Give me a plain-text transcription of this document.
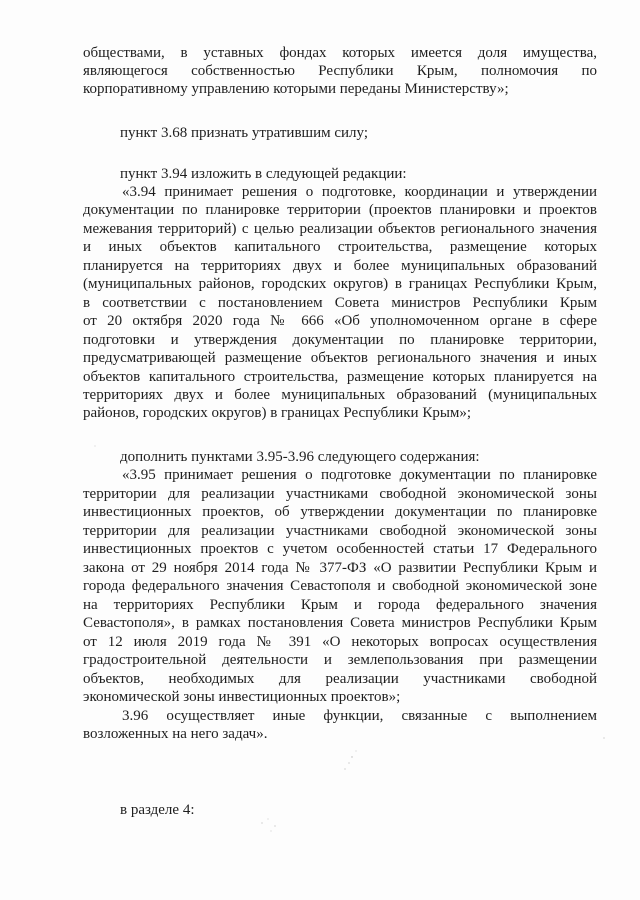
обществами, в уставных фондах которых имеется доля имущества,
являющегося собственностью Республики Крым, полномочия по
корпоративному управлению которыми переданы Министерству»;
пункт 3.68 признать утратившим силу;
пункт 3.94 изложить в следующей редакции:
«3.94 принимает решения о подготовке, координации и утверждении
документации по планировке территории (проектов планировки и проектов
межевания территорий) с целью реализации объектов регионального значения
и иных объектов капитального строительства, размещение которых
планируется на территориях двух и более муниципальных образований
(муниципальных районов, городских округов) в границах Республики Крым,
в соответствии с постановлением Совета министров Республики Крым
от 20 октября 2020 года № 666 «Об уполномоченном органе в сфере
подготовки и утверждения документации по планировке территории,
предусматривающей размещение объектов регионального значения и иных
объектов капитального строительства, размещение которых планируется на
территориях двух и более муниципальных образований (муниципальных
районов, городских округов) в границах Республики Крым»;
дополнить пунктами 3.95-3.96 следующего содержания:
«3.95 принимает решения о подготовке документации по планировке
территории для реализации участниками свободной экономической зоны
инвестиционных проектов, об утверждении документации по планировке
территории для реализации участниками свободной экономической зоны
инвестиционных проектов с учетом особенностей статьи 17 Федерального
закона от 29 ноября 2014 года № 377-ФЗ «О развитии Республики Крым и
города федерального значения Севастополя и свободной экономической зоне
на территориях Республики Крым и города федерального значения
Севастополя», в рамках постановления Совета министров Республики Крым
от 12 июля 2019 года № 391 «О некоторых вопросах осуществления
градостроительной деятельности и землепользования при размещении
объектов, необходимых для реализации участниками свободной
экономической зоны инвестиционных проектов»;
3.96 осуществляет иные функции, связанные с выполнением
возложенных на него задач».
в разделе 4:
